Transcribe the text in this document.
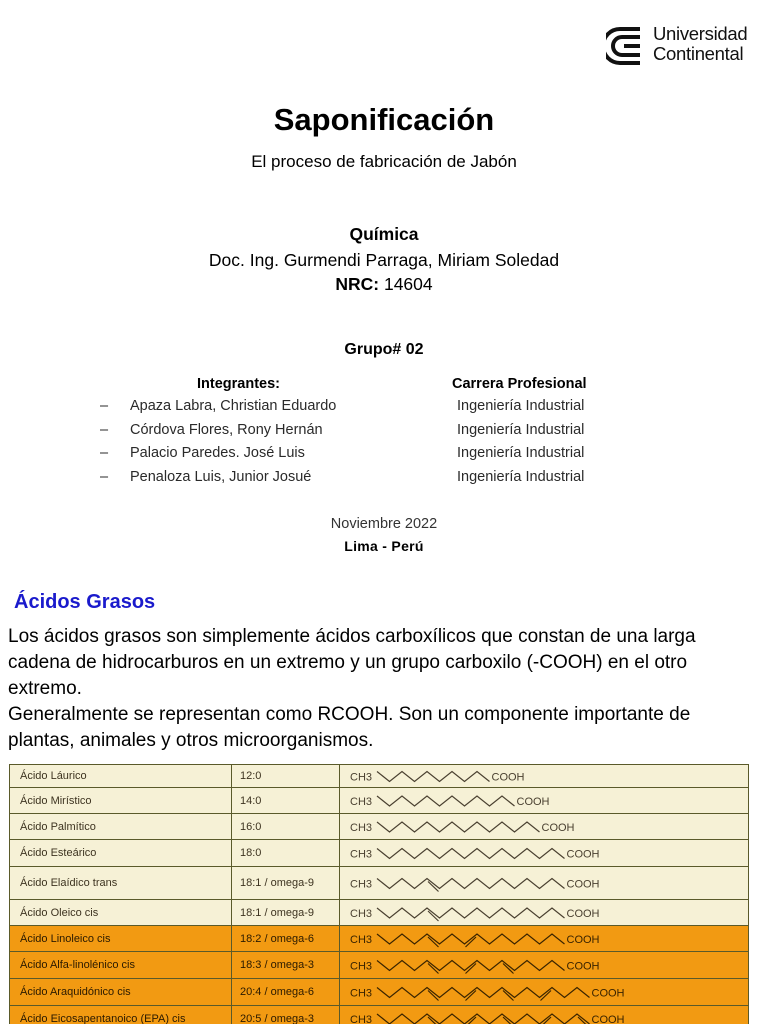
Universidad
Continental
Saponificación
El proceso de fabricación de Jabón
Química
Doc. Ing. Gurmendi Parraga, Miriam Soledad
NRC: 14604
Grupo# 02
Integrantes:	Carrera Profesional
– Apaza Labra, Christian Eduardo	Ingeniería Industrial
– Córdova Flores, Rony Hernán	Ingeniería Industrial
– Palacio Paredes. José Luis	Ingeniería Industrial
– Penaloza Luis, Junior Josué	Ingeniería Industrial
Noviembre 2022
Lima - Perú
Ácidos Grasos

Los ácidos grasos son simplemente ácidos carboxílicos que constan de una larga cadena de hidrocarburos en un extremo y un grupo carboxilo (-COOH) en el otro extremo.

Generalmente se representan como RCOOH. Son un componente importante de plantas, animales y otros microorganismos.

Ácido Láurico	12:0	CH3 COOH

Ácido Mirístico	14:0	CH3 COOH

Ácido Palmítico	16:0	CH3 COOH

Ácido Esteárico	18:0	CH3 COOH

Ácido Elaídico trans	18:1 / omega-9	CH3 COOH

Ácido Oleico cis	18:1 / omega-9	CH3 COOH

Ácido Linoleico cis	18:2 / omega-6	CH3 COOH

Ácido Alfa-linolénico cis	18:3 / omega-3	CH3 COOH

Ácido Araquidónico cis	20:4 / omega-6	CH3 COOH

Ácido Eicosapentanoico (EPA) cis	20:5 / omega-3	CH3 COOH
